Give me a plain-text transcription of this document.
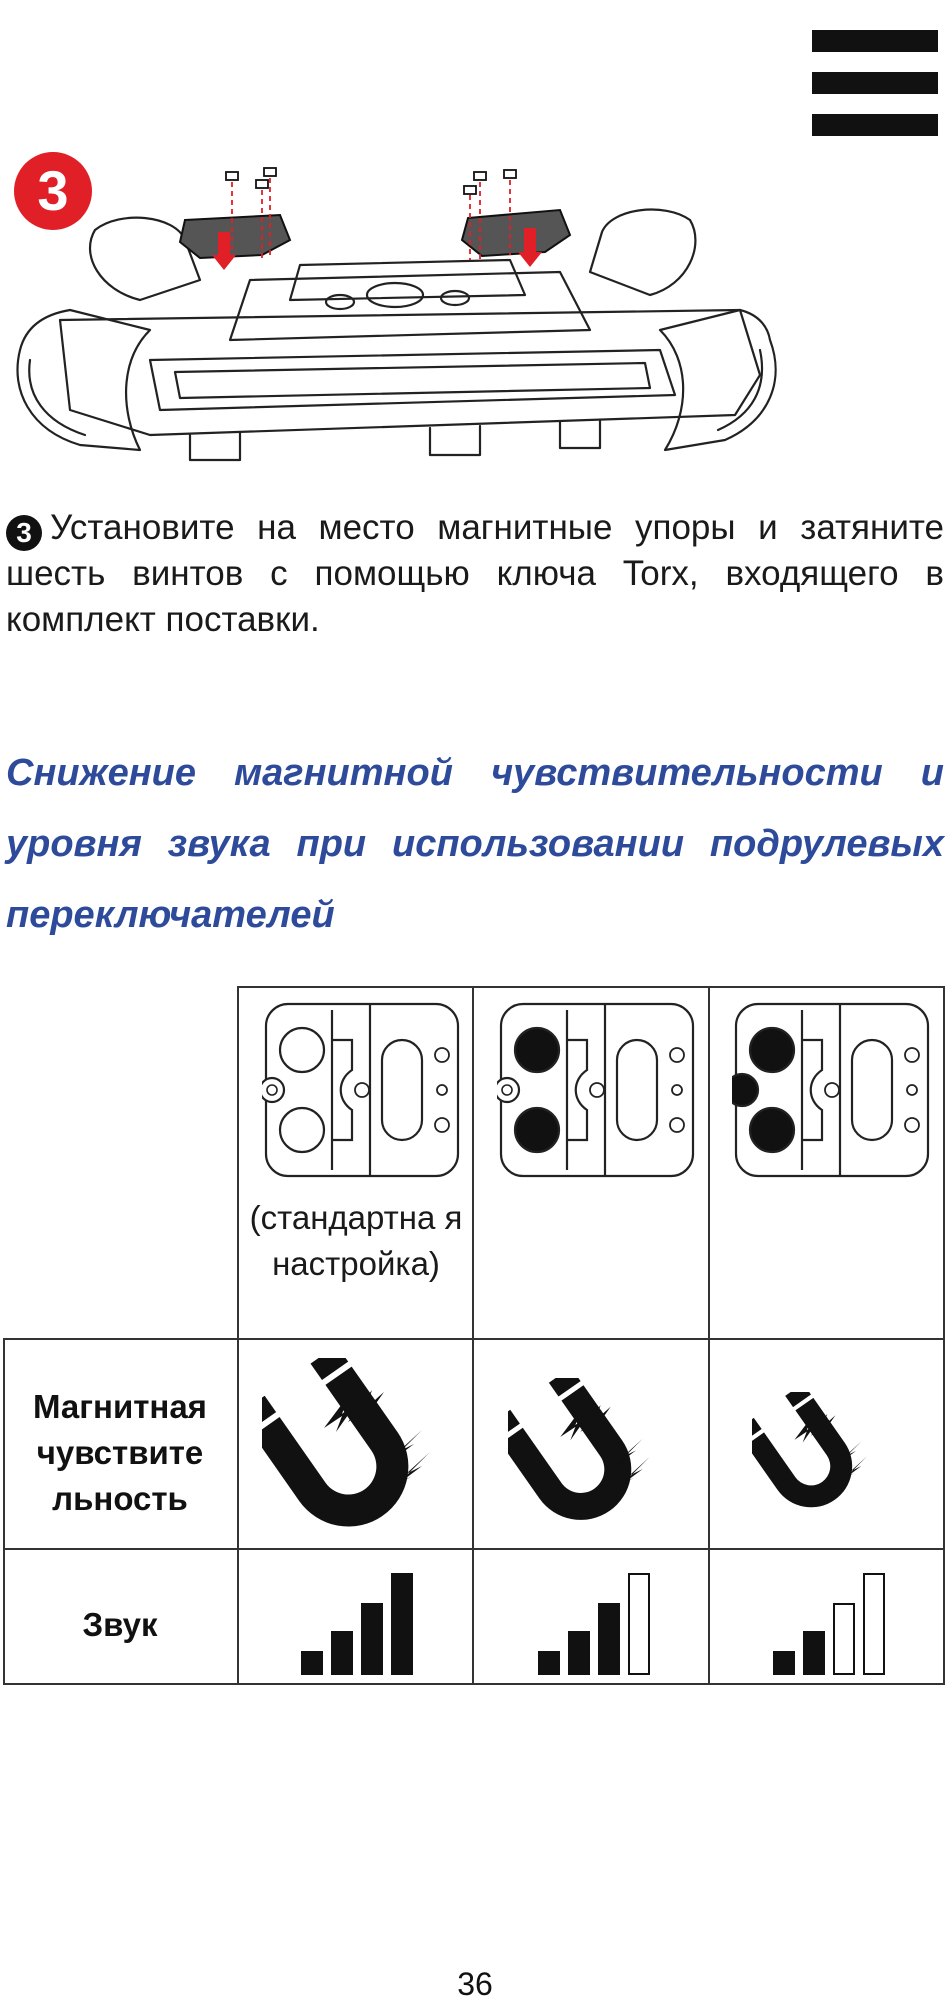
3

3 Установите на место магнитные упоры и затяните шесть винтов с помощью ключа Torx, входящего в комплект поставки.

Снижение магнитной чувствительности и уровня звука при использовании подрулевых переключателей
(стандартна я настройка)
Магнитная чувствите льность
Звук
36
